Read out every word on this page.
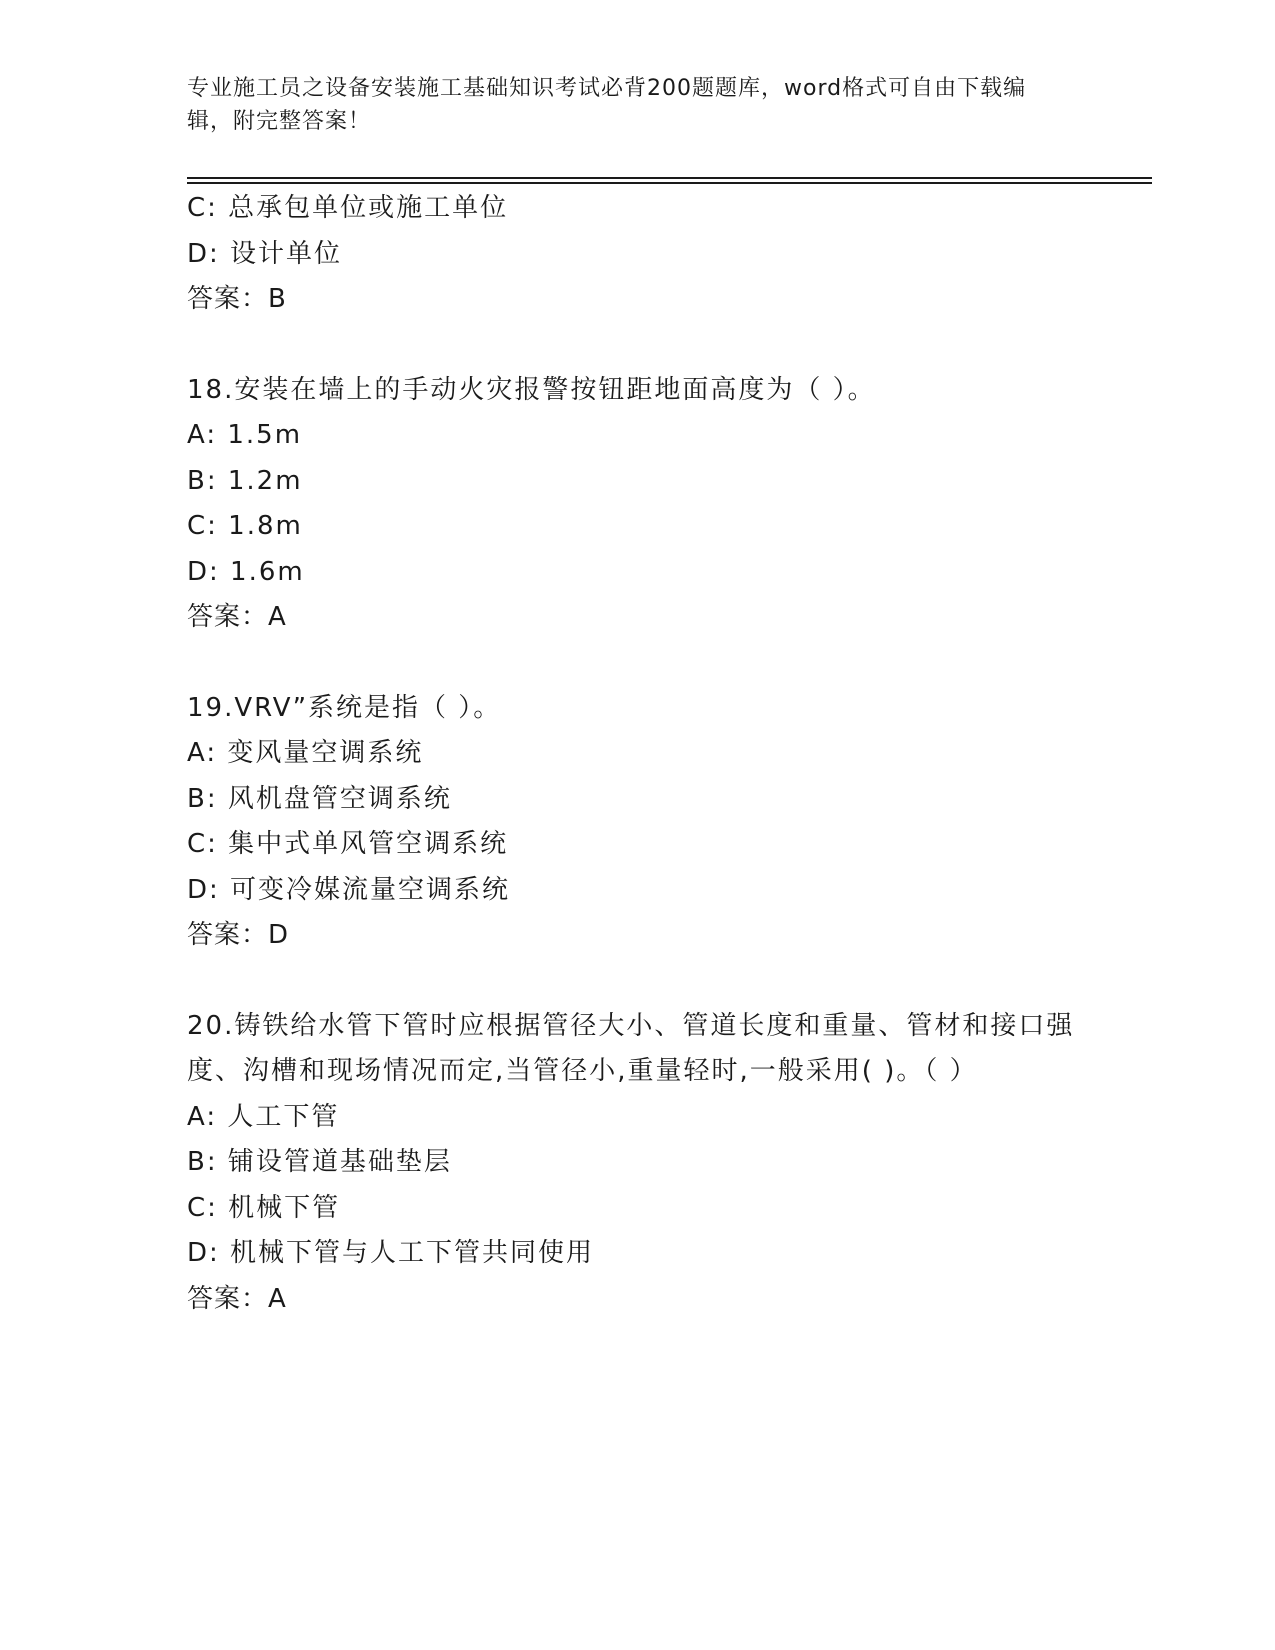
专业施工员之设备安装施工基础知识考试必背200题题库，word格式可自由下载编辑，附完整答案！
C: 总承包单位或施工单位
D: 设计单位
答案：B
18.安装在墙上的手动火灾报警按钮距地面高度为（ ）。
A: 1.5m
B: 1.2m
C: 1.8m
D: 1.6m
答案：A
19.VRV”系统是指（ ）。
A: 变风量空调系统
B: 风机盘管空调系统
C: 集中式单风管空调系统
D: 可变冷媒流量空调系统
答案：D
20.铸铁给水管下管时应根据管径大小、管道长度和重量、管材和接口强度、沟槽和现场情况而定,当管径小,重量轻时,一般采用( )。（ ）
A: 人工下管
B: 铺设管道基础垫层
C: 机械下管
D: 机械下管与人工下管共同使用
答案：A
